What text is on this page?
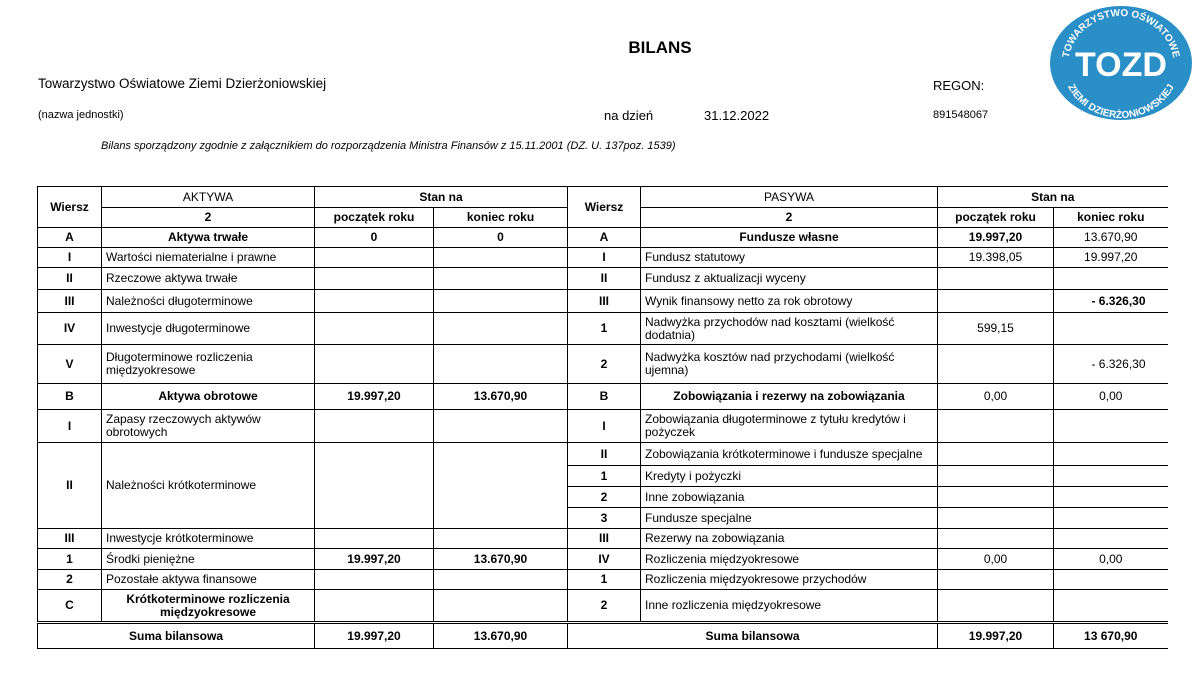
BILANS
Towarzystwo Oświatowe Ziemi Dzierżoniowskiej	REGON:
(nazwa jednostki)	na dzień	31.12.2022	891548067
Bilans sporządzony zgodnie z załącznikiem do rozporządzenia Ministra Finansów z 15.11.2001 (DZ. U. 137poz. 1539)
TOWARZYSTWO OŚWIATOWE
TOZD
ZIEMI DZIERŻONIOWSKIEJ
Wiersz	AKTYWA	Stan na		Wiersz	PASYWA	Stan na	
	2	początek roku	koniec roku		2	początek roku	koniec roku
A	Aktywa trwałe	0	0	A	Fundusze własne	19.997,20	13.670,90
I	Wartości niematerialne i prawne			I	Fundusz statutowy	19.398,05	19.997,20
II	Rzeczowe aktywa trwałe			II	Fundusz z aktualizacji wyceny		
III	Należności długoterminowe			III	Wynik finansowy netto za rok obrotowy		- 6.326,30
IV	Inwestycje długoterminowe			1	Nadwyżka przychodów nad kosztami (wielkość dodatnia)	599,15	
V	Długoterminowe rozliczenia międzyokresowe			2	Nadwyżka kosztów nad przychodami (wielkość ujemna)		- 6.326,30
B	Aktywa obrotowe	19.997,20	13.670,90	B	Zobowiązania i rezerwy na zobowiązania	0,00	0,00
I	Zapasy rzeczowych aktywów obrotowych			I	Zobowiązania długoterminowe z tytułu kredytów i pożyczek		
II	Należności krótkoterminowe			II	Zobowiązania krótkoterminowe i fundusze specjalne		
				1	Kredyty i pożyczki		
				2	Inne zobowiązania		
				3	Fundusze specjalne		
III	Inwestycje krótkoterminowe			III	Rezerwy na zobowiązania		
1	Środki pieniężne	19.997,20	13.670,90	IV	Rozliczenia międzyokresowe	0,00	0,00
2	Pozostałe aktywa finansowe			1	Rozliczenia międzyokresowe przychodów		
C	Krótkoterminowe rozliczenia międzyokresowe			2	Inne rozliczenia międzyokresowe		
Suma bilansowa		19.997,20	13.670,90	Suma bilansowa		19.997,20	13 670,90
